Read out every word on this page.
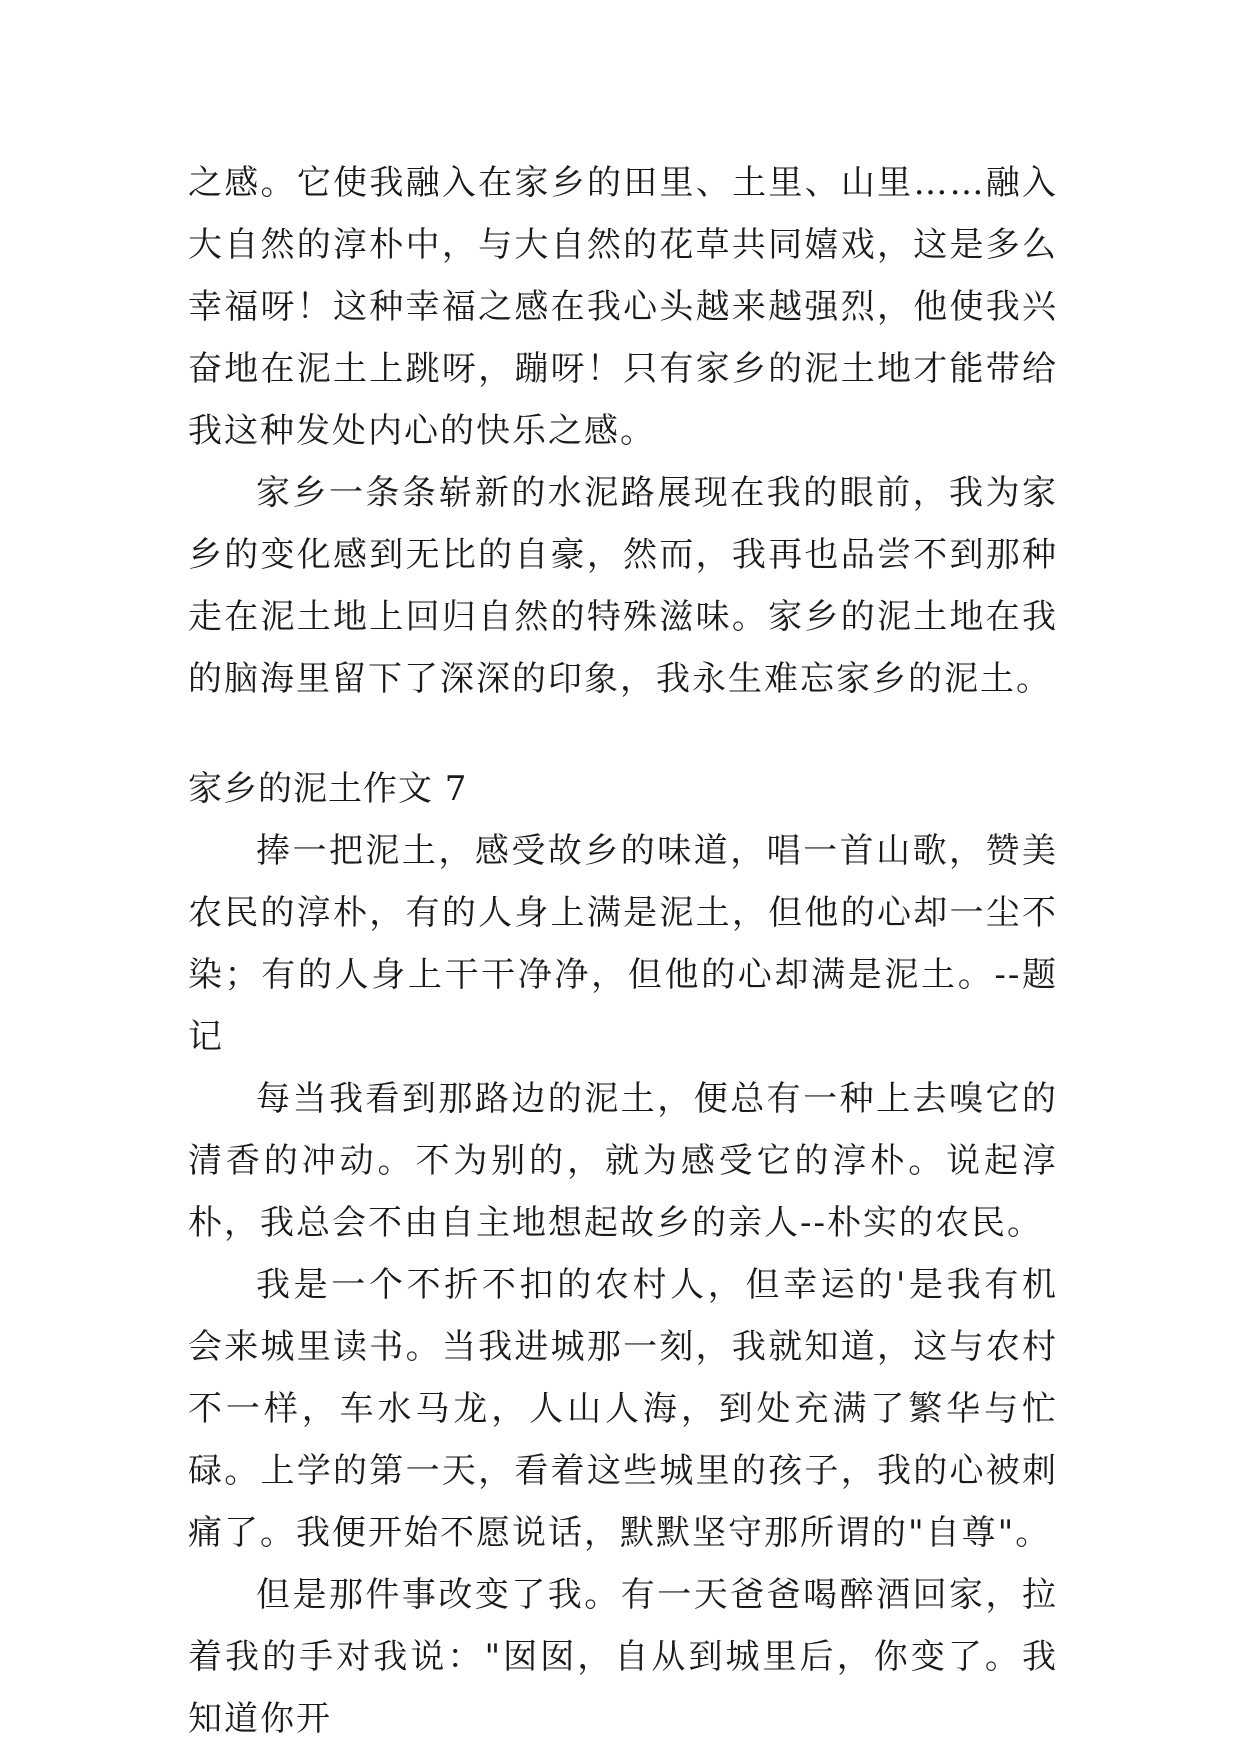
之感。它使我融入在家乡的田里、土里、山里……融入大自然的淳朴中，与大自然的花草共同嬉戏，这是多么幸福呀！这种幸福之感在我心头越来越强烈，他使我兴奋地在泥土上跳呀，蹦呀！只有家乡的泥土地才能带给我这种发处内心的快乐之感。

家乡一条条崭新的水泥路展现在我的眼前，我为家乡的变化感到无比的自豪，然而，我再也品尝不到那种走在泥土地上回归自然的特殊滋味。家乡的泥土地在我的脑海里留下了深深的印象，我永生难忘家乡的泥土。

家乡的泥土作文 7

捧一把泥土，感受故乡的味道，唱一首山歌，赞美农民的淳朴，有的人身上满是泥土，但他的心却一尘不染；有的人身上干干净净，但他的心却满是泥土。--题记

每当我看到那路边的泥土，便总有一种上去嗅它的清香的冲动。不为别的，就为感受它的淳朴。说起淳朴，我总会不由自主地想起故乡的亲人--朴实的农民。

我是一个不折不扣的农村人，但幸运的'是我有机会来城里读书。当我进城那一刻，我就知道，这与农村不一样，车水马龙，人山人海，到处充满了繁华与忙碌。上学的第一天，看着这些城里的孩子，我的心被刺痛了。我便开始不愿说话，默默坚守那所谓的"自尊"。

但是那件事改变了我。有一天爸爸喝醉酒回家，拉着我的手对我说："囡囡，自从到城里后，你变了。我知道你开
